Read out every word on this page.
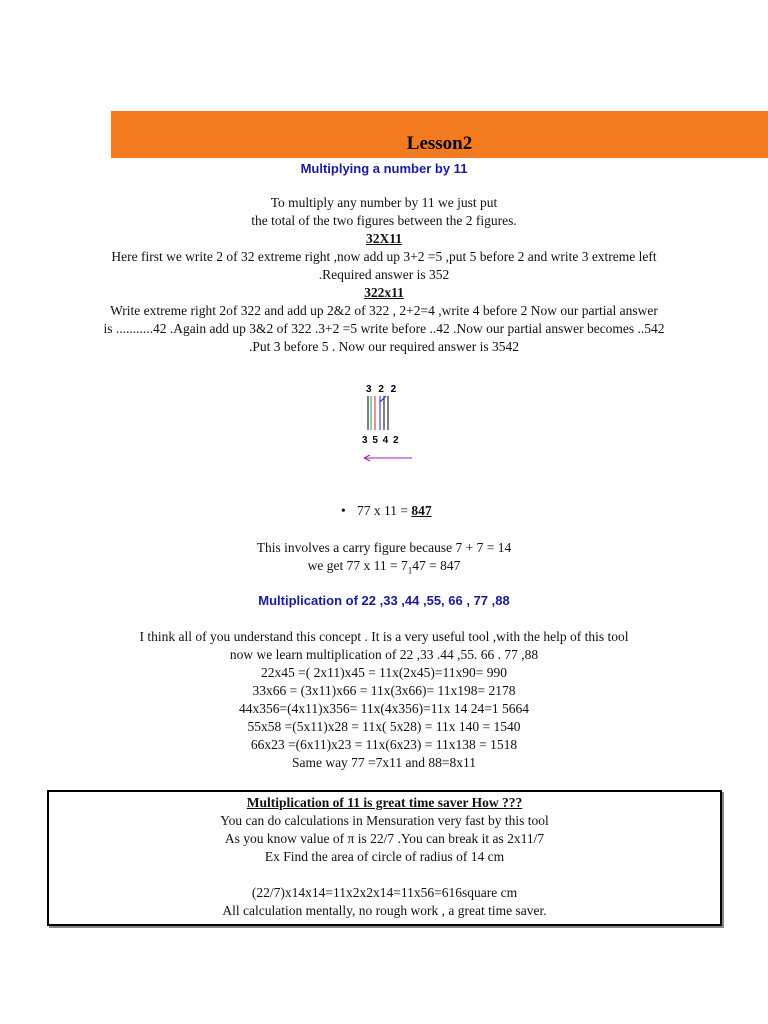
Lesson2
Multiplying a number by 11
To multiply any number by 11 we just put
the total of the two figures between the 2 figures.
32X11
Here first we write 2 of 32 extreme right ,now add up 3+2 =5 ,put 5 before 2 and write 3 extreme left
.Required answer is 352
322x11
Write extreme right 2of 322 and add up 2&2 of 322 , 2+2=4 ,write 4 before 2 Now our partial answer
is ...........42 .Again add up 3&2 of 322 .3+2 =5 write before ..42 .Now our partial answer becomes ..542
.Put 3 before 5 . Now our required answer is 3542
3 2 2
3 5 4 2
• 77 x 11 = 847
This involves a carry figure because 7 + 7 = 14
we get 77 x $11 = 7_147 = 847$
Multiplication of 22 ,33 ,44 ,55, 66 , 77 ,88
I think all of you understand this concept . It is a very useful tool ,with the help of this tool
now we learn multiplication of 22 ,33 .44 ,55. 66 . 77 ,88
22x45 =( 2x11)x45 = 11x(2x45)=11x90= 990
33x66 = (3x11)x66 = 11x(3x66)= 11x198= 2178
44x356=(4x11)x356= 11x(4x356)=11x 14 24=1 5664
55x58 =(5x11)x28 = 11x( 5x28) = 11x 140 = 1540
66x23 =(6x11)x23 = 11x(6x23) = 11x138 = 1518
Same way 77 =7x11 and 88=8x11
Multiplication of 11 is great time saver How ???
You can do calculations in Mensuration very fast by this tool
As you know value of π is 22/7 .You can break it as 2x11/7
Ex Find the area of circle of radius of 14 cm
(22/7)x14x14=11x2x2x14=11x56=616square cm
All calculation mentally, no rough work , a great time saver.
